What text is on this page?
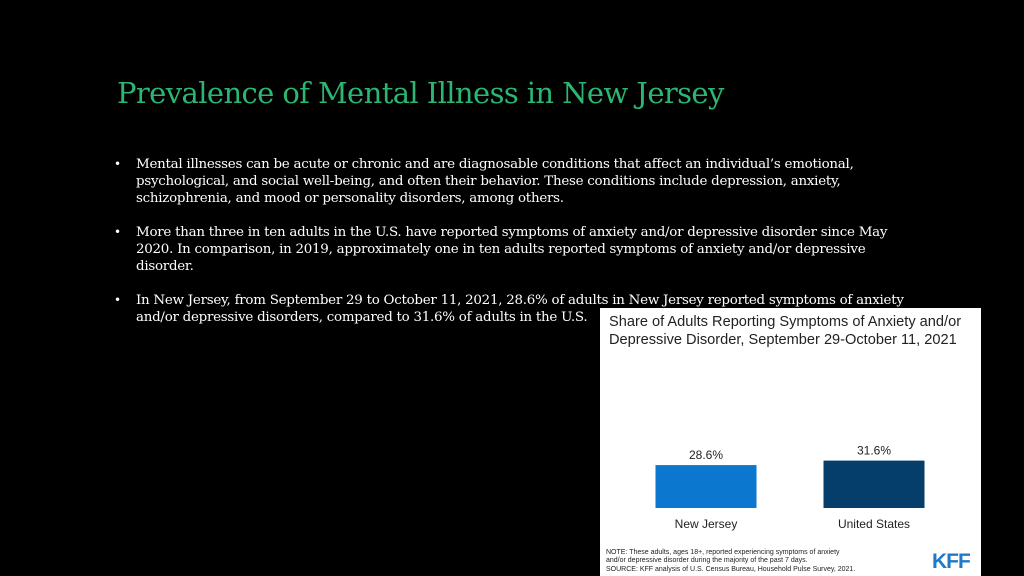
Prevalence of Mental Illness in New Jersey
• Mental illnesses can be acute or chronic and are diagnosable conditions that affect an individual’s emotional, psychological, and social well-being, and often their behavior. These conditions include depression, anxiety, schizophrenia, and mood or personality disorders, among others.
• More than three in ten adults in the U.S. have reported symptoms of anxiety and/or depressive disorder since May 2020. In comparison, in 2019, approximately one in ten adults reported symptoms of anxiety and/or depressive disorder.
• In New Jersey, from September 29 to October 11, 2021, 28.6% of adults in New Jersey reported symptoms of anxiety and/or depressive disorders, compared to 31.6% of adults in the U.S.	Share of Adults Reporting Symptoms of Anxiety and/or Depressive Disorder, September 29-October 11, 2021
28.6%
New Jersey
31.6%
United States
NOTE: These adults, ages 18+, reported experiencing symptoms of anxiety
and/or depressive disorder during the majority of the past 7 days.
SOURCE: KFF analysis of U.S. Census Bureau, Household Pulse Survey, 2021.	KFF
